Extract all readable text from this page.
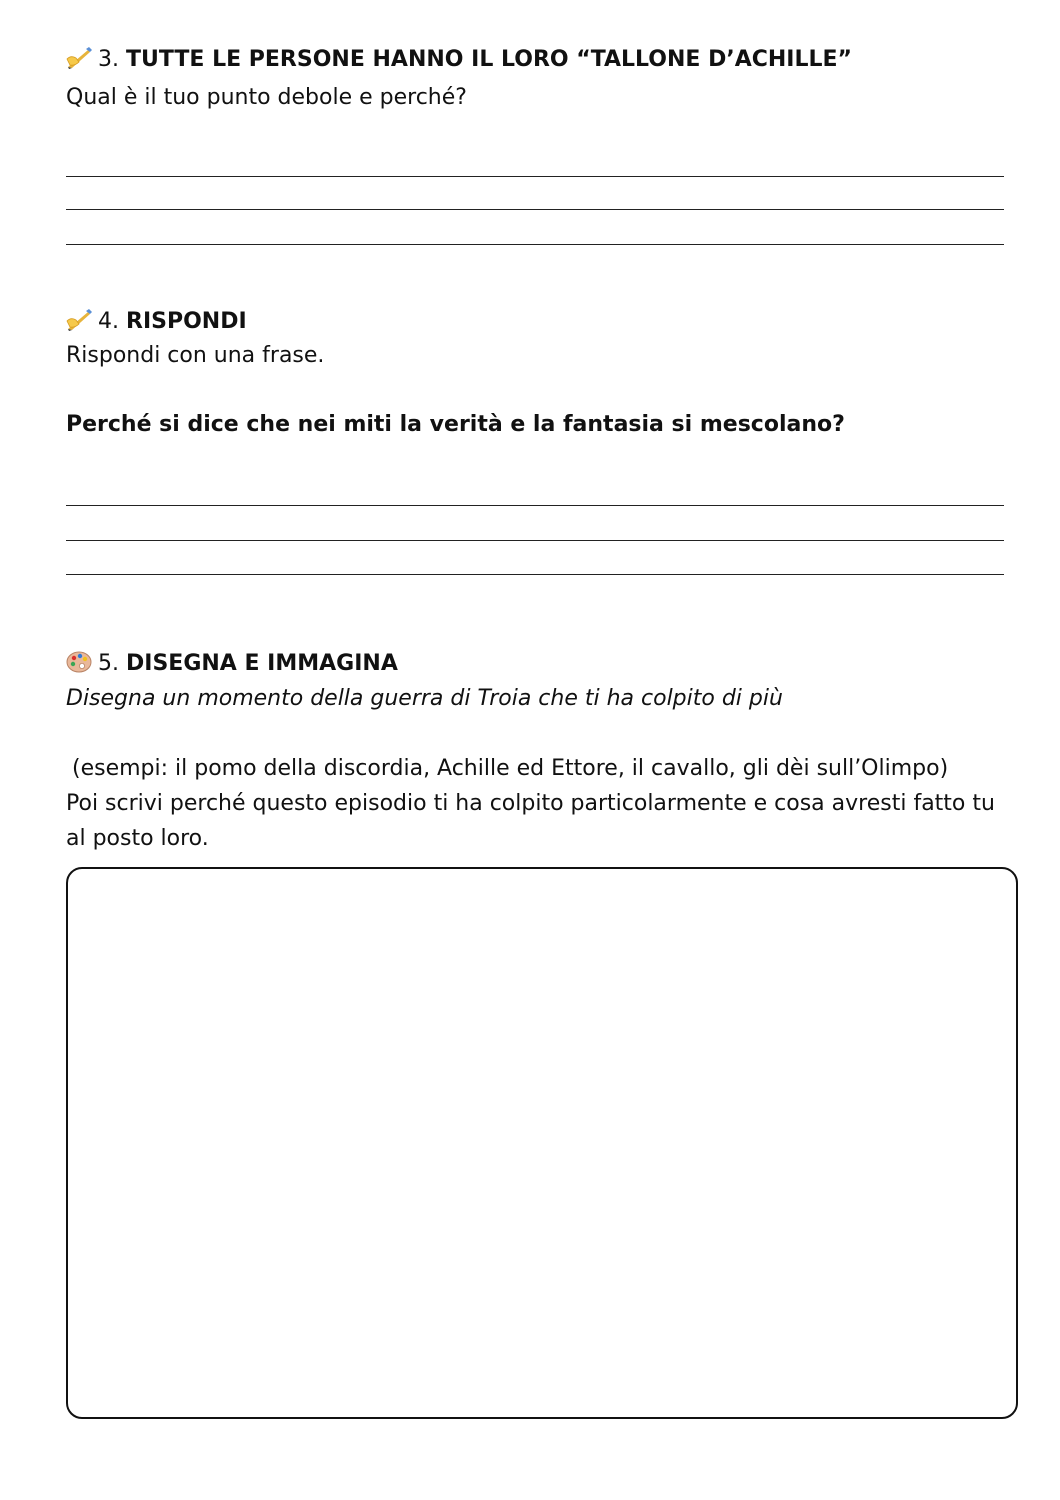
3. TUTTE LE PERSONE HANNO IL LORO “TALLONE D’ACHILLE”
Qual è il tuo punto debole e perché?
4. RISPONDI
Rispondi con una frase.
Perché si dice che nei miti la verità e la fantasia si mescolano?
5. DISEGNA E IMMAGINA
Disegna un momento della guerra di Troia che ti ha colpito di più
(esempi: il pomo della discordia, Achille ed Ettore, il cavallo, gli dèi sull’Olimpo)
Poi scrivi perché questo episodio ti ha colpito particolarmente e cosa avresti fatto tu
al posto loro.
